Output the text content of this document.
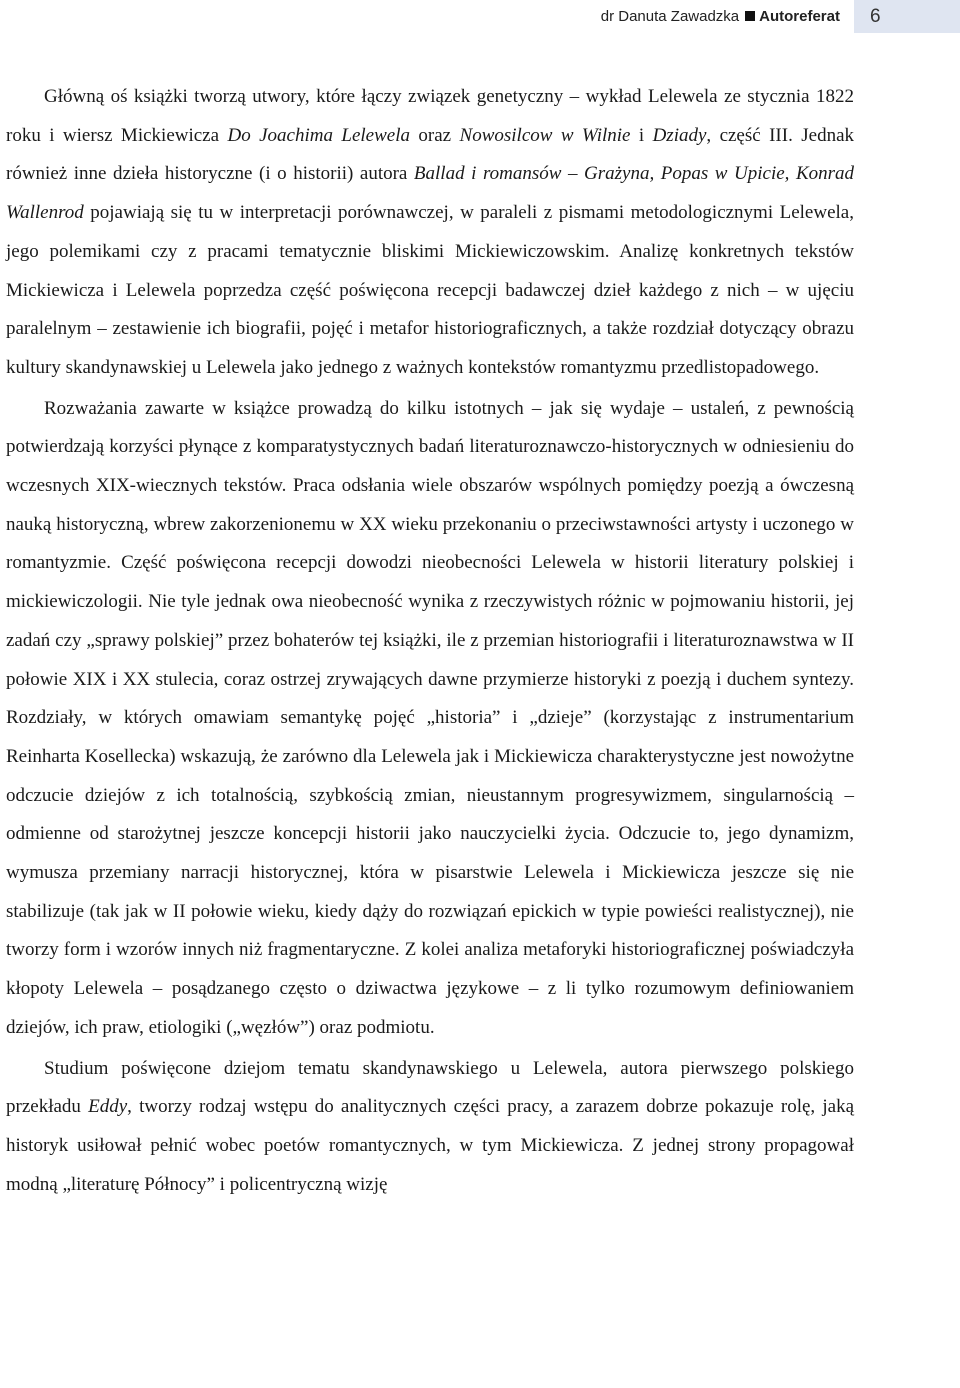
dr Danuta Zawadzka Autoreferat	6

Główną oś książki tworzą utwory, które łączy związek genetyczny – wykład Lelewela ze stycznia 1822 roku i wiersz Mickiewicza Do Joachima Lelewela oraz Nowosilcow w Wilnie i Dziady, część III. Jednak również inne dzieła historyczne (i o historii) autora Ballad i romansów – Grażyna, Popas w Upicie, Konrad Wallenrod pojawiają się tu w interpretacji porównawczej, w paraleli z pismami metodologicznymi Lelewela, jego polemikami czy z pracami tematycznie bliskimi Mickiewiczowskim. Analizę konkretnych tekstów Mickiewicza i Lelewela poprzedza część poświęcona recepcji badawczej dzieł każdego z nich – w ujęciu paralelnym – zestawienie ich biografii, pojęć i metafor historiograficznych, a także rozdział dotyczący obrazu kultury skandynawskiej u Lelewela jako jednego z ważnych kontekstów romantyzmu przedlistopadowego.

Rozważania zawarte w książce prowadzą do kilku istotnych – jak się wydaje – ustaleń, z pewnością potwierdzają korzyści płynące z komparatystycznych badań literaturoznawczo-historycznych w odniesieniu do wczesnych XIX-wiecznych tekstów. Praca odsłania wiele obszarów wspólnych pomiędzy poezją a ówczesną nauką historyczną, wbrew zakorzenionemu w XX wieku przekonaniu o przeciwstawności artysty i uczonego w romantyzmie. Część poświęcona recepcji dowodzi nieobecności Lelewela w historii literatury polskiej i mickiewiczologii. Nie tyle jednak owa nieobecność wynika z rzeczywistych różnic w pojmowaniu historii, jej zadań czy „sprawy polskiej” przez bohaterów tej książki, ile z przemian historiografii i literaturoznawstwa w II połowie XIX i XX stulecia, coraz ostrzej zrywających dawne przymierze historyki z poezją i duchem syntezy. Rozdziały, w których omawiam semantykę pojęć „historia” i „dzieje” (korzystając z instrumentarium Reinharta Kosellecka) wskazują, że zarówno dla Lelewela jak i Mickiewicza charakterystyczne jest nowożytne odczucie dziejów z ich totalnością, szybkością zmian, nieustannym progresywizmem, singularnością – odmienne od starożytnej jeszcze koncepcji historii jako nauczycielki życia. Odczucie to, jego dynamizm, wymusza przemiany narracji historycznej, która w pisarstwie Lelewela i Mickiewicza jeszcze się nie stabilizuje (tak jak w II połowie wieku, kiedy dąży do rozwiązań epickich w typie powieści realistycznej), nie tworzy form i wzorów innych niż fragmentaryczne. Z kolei analiza metaforyki historiograficznej poświadczyła kłopoty Lelewela – posądzanego często o dziwactwa językowe – z li tylko rozumowym definiowaniem dziejów, ich praw, etiologiki („węzłów”) oraz podmiotu.

Studium poświęcone dziejom tematu skandynawskiego u Lelewela, autora pierwszego polskiego przekładu Eddy, tworzy rodzaj wstępu do analitycznych części pracy, a zarazem dobrze pokazuje rolę, jaką historyk usiłował pełnić wobec poetów romantycznych, w tym Mickiewicza. Z jednej strony propagował modną „literaturę Północy” i policentryczną wizję
